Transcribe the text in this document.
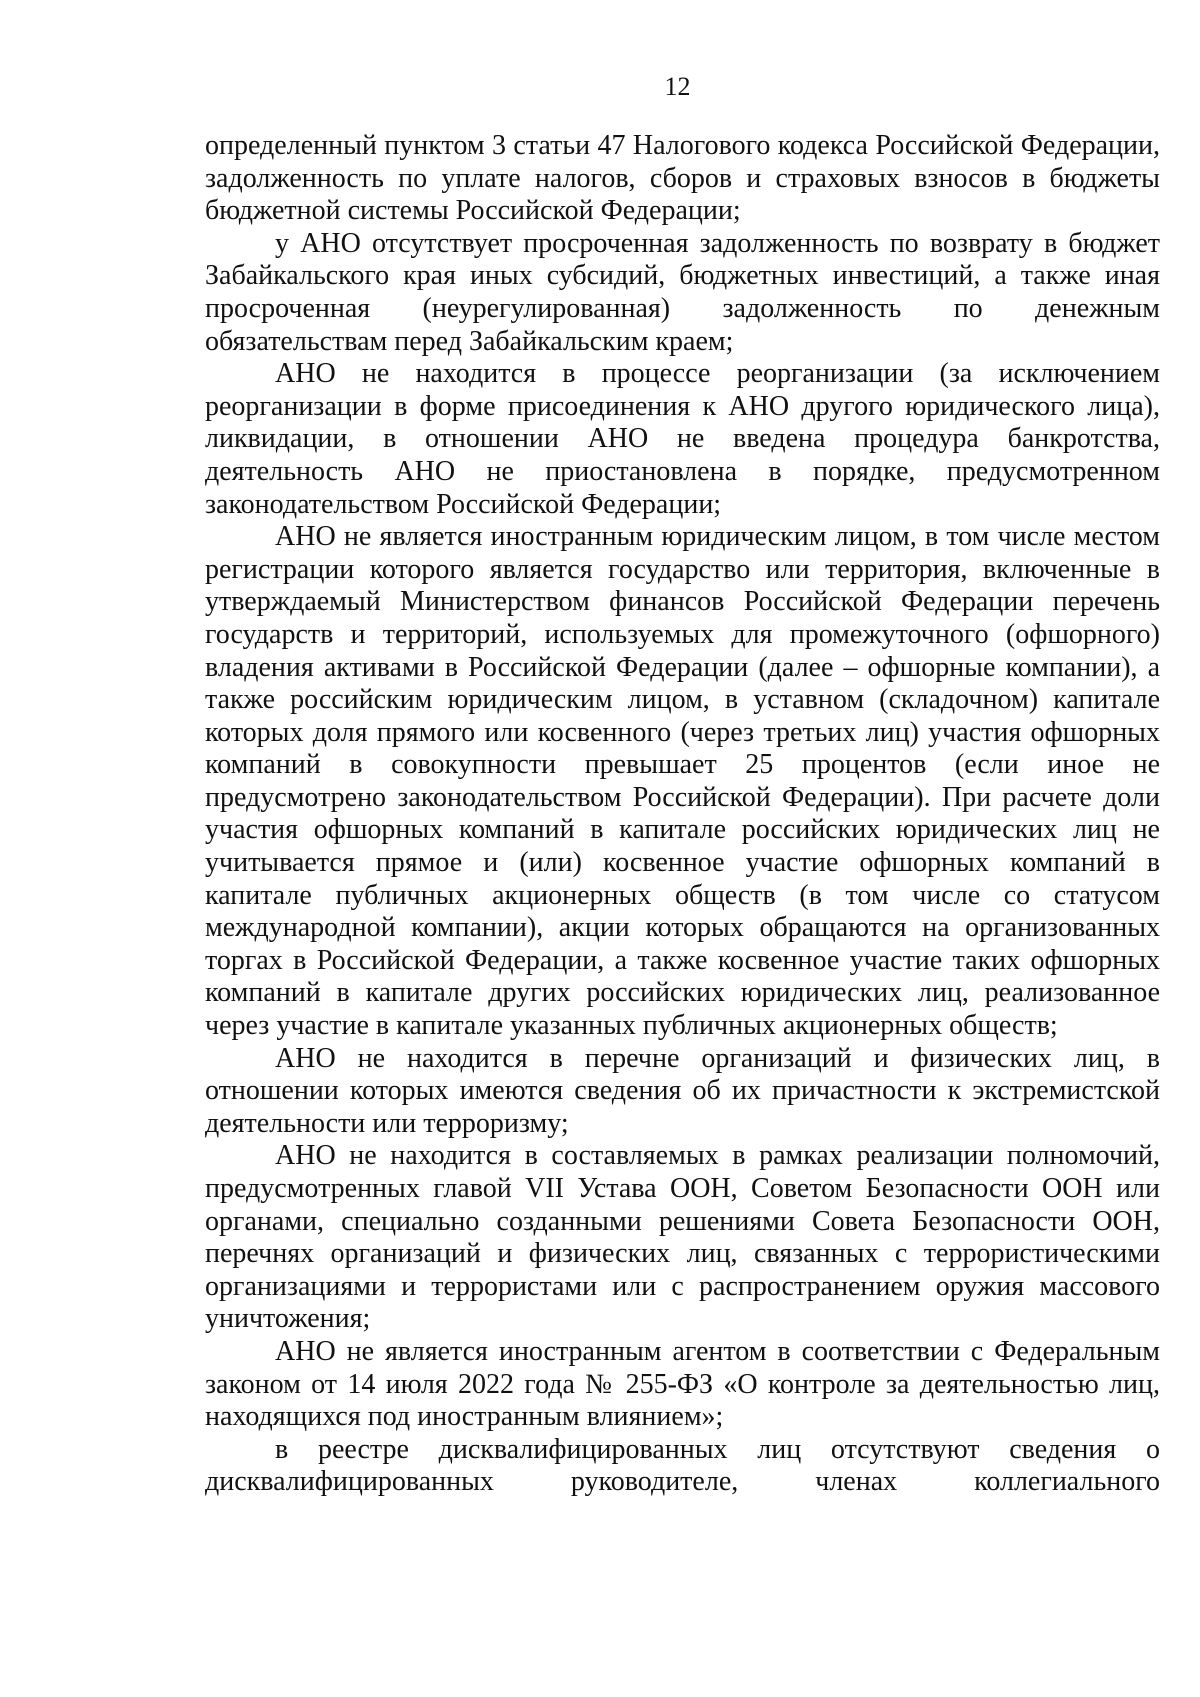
12

определенный пунктом 3 статьи 47 Налогового кодекса Российской Федерации, задолженность по уплате налогов, сборов и страховых взносов в бюджеты бюджетной системы Российской Федерации;

у АНО отсутствует просроченная задолженность по возврату в бюджет Забайкальского края иных субсидий, бюджетных инвестиций, а также иная просроченная (неурегулированная) задолженность по денежным обязательствам перед Забайкальским краем;

АНО не находится в процессе реорганизации (за исключением реорганизации в форме присоединения к АНО другого юридического лица), ликвидации, в отношении АНО не введена процедура банкротства, деятельность АНО не приостановлена в порядке, предусмотренном законодательством Российской Федерации;

АНО не является иностранным юридическим лицом, в том числе местом регистрации которого является государство или территория, включенные в утверждаемый Министерством финансов Российской Федерации перечень государств и территорий, используемых для промежуточного (офшорного) владения активами в Российской Федерации (далее – офшорные компании), а также российским юридическим лицом, в уставном (складочном) капитале которых доля прямого или косвенного (через третьих лиц) участия офшорных компаний в совокупности превышает 25 процентов (если иное не предусмотрено законодательством Российской Федерации). При расчете доли участия офшорных компаний в капитале российских юридических лиц не учитывается прямое и (или) косвенное участие офшорных компаний в капитале публичных акционерных обществ (в том числе со статусом международной компании), акции которых обращаются на организованных торгах в Российской Федерации, а также косвенное участие таких офшорных компаний в капитале других российских юридических лиц, реализованное через участие в капитале указанных публичных акционерных обществ;

АНО не находится в перечне организаций и физических лиц, в отношении которых имеются сведения об их причастности к экстремистской деятельности или терроризму;

АНО не находится в составляемых в рамках реализации полномочий, предусмотренных главой VII Устава ООН, Советом Безопасности ООН или органами, специально созданными решениями Совета Безопасности ООН, перечнях организаций и физических лиц, связанных с террористическими организациями и террористами или с распространением оружия массового уничтожения;

АНО не является иностранным агентом в соответствии с Федеральным законом от 14 июля 2022 года № 255-ФЗ «О контроле за деятельностью лиц, находящихся под иностранным влиянием»;

в реестре дисквалифицированных лиц отсутствуют сведения о дисквалифицированных руководителе, членах коллегиального
